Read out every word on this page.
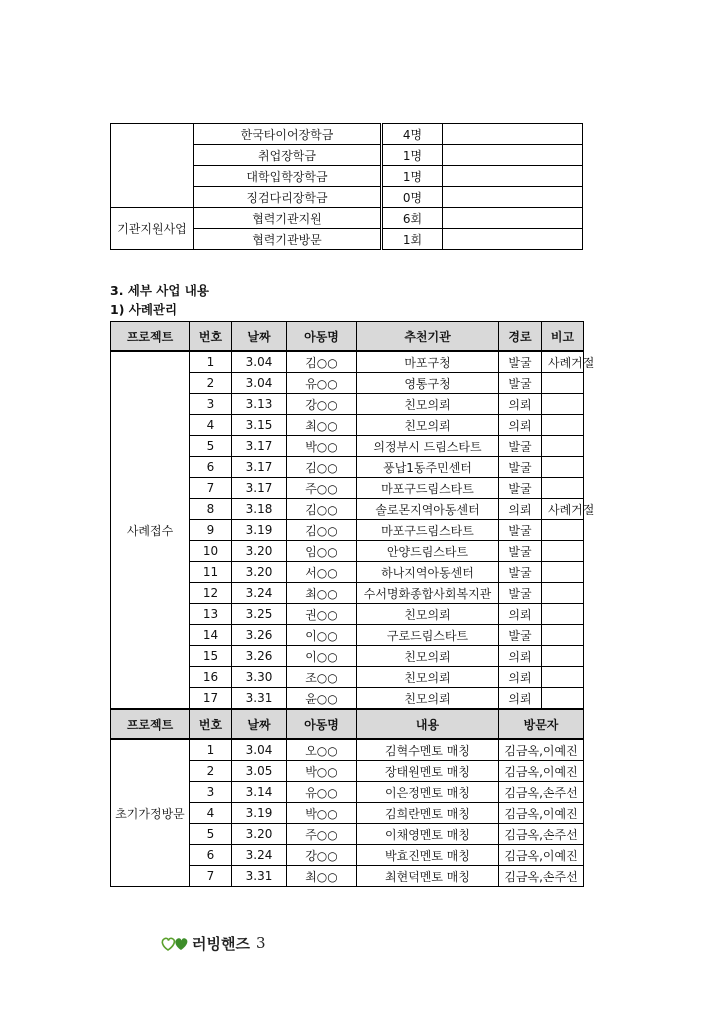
	한국타이어장학금	4명	
	취업장학금	1명	
	대학입학장학금	1명	
	징검다리장학금	0명	
기관지원사업	협력기관지원	6회	
	협력기관방문	1회	
3. 세부 사업 내용
1) 사례관리
프로젝트	번호	날짜	아동명	추천기관	경로	비고
사례접수	1	3.04	김○○	마포구청	발굴	사례거절
	2	3.04	유○○	영통구청	발굴	
	3	3.13	강○○	친모의뢰	의뢰	
	4	3.15	최○○	친모의뢰	의뢰	
	5	3.17	박○○	의정부시 드림스타트	발굴	
	6	3.17	김○○	풍납1동주민센터	발굴	
	7	3.17	주○○	마포구드림스타트	발굴	
	8	3.18	김○○	솔로몬지역아동센터	의뢰	사례거절
	9	3.19	김○○	마포구드림스타트	발굴	
	10	3.20	임○○	안양드림스타트	발굴	
	11	3.20	서○○	하나지역아동센터	발굴	
	12	3.24	최○○	수서명화종합사회복지관	발굴	
	13	3.25	권○○	친모의뢰	의뢰	
	14	3.26	이○○	구로드림스타트	발굴	
	15	3.26	이○○	친모의뢰	의뢰	
	16	3.30	조○○	친모의뢰	의뢰	
	17	3.31	윤○○	친모의뢰	의뢰	
프로젝트	번호	날짜	아동명	내용	방문자	
초기가정방문	1	3.04	오○○	김혁수멘토 매칭	김금옥,이예진	
	2	3.05	박○○	장태원멘토 매칭	김금옥,이예진	
	3	3.14	유○○	이은정멘토 매칭	김금옥,손주선	
	4	3.19	박○○	김희란멘토 매칭	김금옥,이예진	
	5	3.20	주○○	이채영멘토 매칭	김금옥,손주선	
	6	3.24	강○○	박효진멘토 매칭	김금옥,이예진	
	7	3.31	최○○	최현덕멘토 매칭	김금옥,손주선	
러빙핸즈 3
